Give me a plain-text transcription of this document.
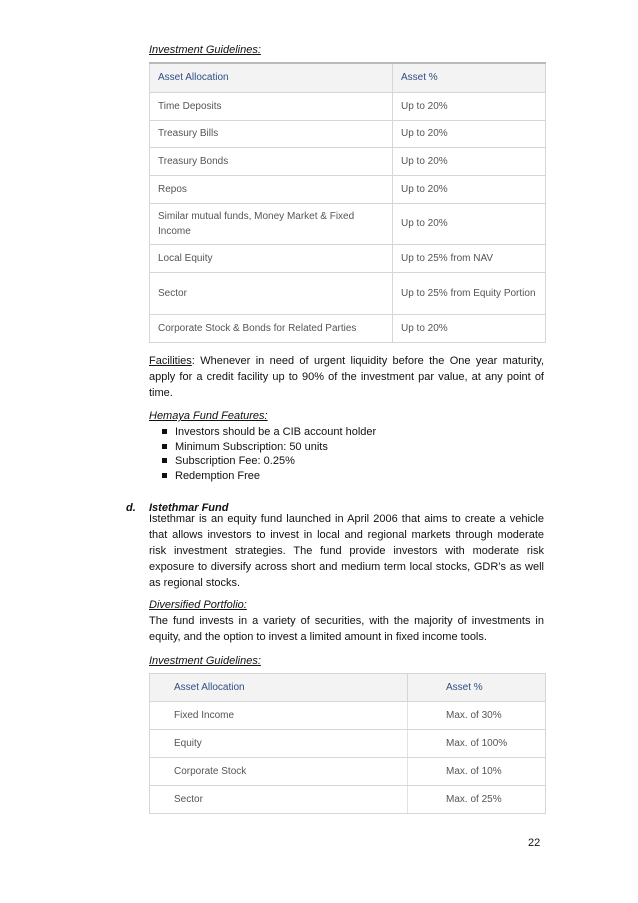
Investment Guidelines:
Asset Allocation	Asset %
Time Deposits	Up to 20%
Treasury Bills	Up to 20%
Treasury Bonds	Up to 20%
Repos	Up to 20%
Similar mutual funds, Money Market & Fixed Income	Up to 20%
Local Equity	Up to 25% from NAV
Sector	Up to 25% from Equity Portion
Corporate Stock & Bonds for Related Parties	Up to 20%
Facilities: Whenever in need of urgent liquidity before the One year maturity, apply for a credit facility up to 90% of the investment par value, at any point of time.
Hemaya Fund Features:
Investors should be a CIB account holder
Minimum Subscription: 50 units
Subscription Fee: 0.25%
Redemption Free
d. Istethmar Fund
Istethmar is an equity fund launched in April 2006 that aims to create a vehicle that allows investors to invest in local and regional markets through moderate risk investment strategies. The fund provide investors with moderate risk exposure to diversify across short and medium term local stocks, GDR’s as well as regional stocks.
Diversified Portfolio:
The fund invests in a variety of securities, with the majority of investments in equity, and the option to invest a limited amount in fixed income tools.
Investment Guidelines:
Asset Allocation	Asset %
Fixed Income	Max. of 30%
Equity	Max. of 100%
Corporate Stock	Max. of 10%
Sector	Max. of 25%
22
